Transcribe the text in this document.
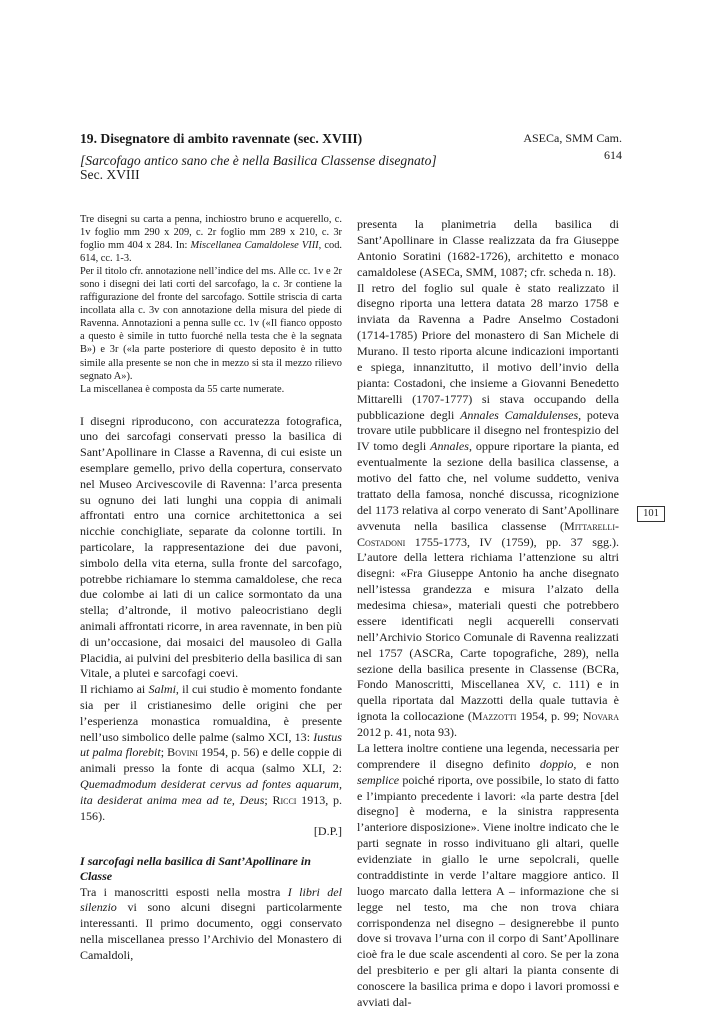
19. Disegnatore di ambito ravennate (sec. XVIII)	ASECa, SMM Cam. 614
[Sarcofago antico sano che è nella Basilica Classense disegnato]
Sec. XVIII

Tre disegni su carta a penna, inchiostro bruno e acquerello, c. 1v foglio mm 290 x 209, c. 2r foglio mm 289 x 210, c. 3r foglio mm 404 x 284. In: Miscellanea Camaldolese VIII, cod. 614, cc. 1-3.

Per il titolo cfr. annotazione nell’indice del ms. Alle cc. 1v e 2r sono i disegni dei lati corti del sarcofago, la c. 3r contiene la raffigurazione del fronte del sarcofago. Sottile striscia di carta incollata alla c. 3v con annotazione della misura del piede di Ravenna. Annotazioni a penna sulle cc. 1v («Il fianco opposto a questo è simile in tutto fuorché nella testa che è la segnata B») e 3r («la parte posteriore di questo deposito è in tutto simile alla presente se non che in mezzo si sta il mezzo rilievo segnato A»).

La miscellanea è composta da 55 carte numerate.

I disegni riproducono, con accuratezza fotografica, uno dei sarcofagi conservati presso la basilica di Sant’Apollinare in Classe a Ravenna, di cui esiste un esemplare gemello, privo della copertura, conservato nel Museo Arcivescovile di Ravenna: l’arca presenta su ognuno dei lati lunghi una coppia di animali affrontati entro una cornice architettonica a sei nicchie conchigliate, separate da colonne tortili. In particolare, la rappresentazione dei due pavoni, simbolo della vita eterna, sulla fronte del sarcofago, potrebbe richiamare lo stemma camaldolese, che reca due colombe ai lati di un calice sormontato da una stella; d’altronde, il motivo paleocristiano degli animali affrontati ricorre, in area ravennate, in ben più di un’occasione, dai mosaici del mausoleo di Galla Placidia, ai pulvini del presbiterio della basilica di san Vitale, a plutei e sarcofagi coevi.

Il richiamo ai Salmi, il cui studio è momento fondante sia per il cristianesimo delle origini che per l’esperienza monastica romualdina, è presente nell’uso simbolico delle palme (salmo XCI, 13: Iustus ut palma florebit; Bovini 1954, p. 56) e delle coppie di animali presso la fonte di acqua (salmo XLI, 2: Quemadmodum desiderat cervus ad fontes aquarum, ita desiderat anima mea ad te, Deus; Ricci 1913, p. 156).

[D.P.]

I sarcofagi nella basilica di Sant’Apollinare in Classe

Tra i manoscritti esposti nella mostra I libri del silenzio vi sono alcuni disegni particolarmente interessanti. Il primo documento, oggi conservato nella miscellanea presso l’Archivio del Monastero di Camaldoli,

presenta la planimetria della basilica di Sant’Apollinare in Classe realizzata da fra Giuseppe Antonio Soratini (1682-1726), architetto e monaco camaldolese (ASECa, SMM, 1087; cfr. scheda n. 18).

Il retro del foglio sul quale è stato realizzato il disegno riporta una lettera datata 28 marzo 1758 e inviata da Ravenna a Padre Anselmo Costadoni (1714-1785) Priore del monastero di San Michele di Murano. Il testo riporta alcune indicazioni importanti e spiega, innanzitutto, il motivo dell’invio della pianta: Costadoni, che insieme a Giovanni Benedetto Mittarelli (1707-1777) si stava occupando della pubblicazione degli Annales Camaldulenses, poteva trovare utile pubblicare il disegno nel frontespizio del IV tomo degli Annales, oppure riportare la pianta, ed eventualmente la sezione della basilica classense, a motivo del fatto che, nel volume suddetto, veniva trattato della famosa, nonché discussa, ricognizione del 1173 relativa al corpo venerato di Sant’Apollinare avvenuta nella basilica classense (Mittarelli-Costadoni 1755-1773, IV (1759), pp. 37 sgg.). L’autore della lettera richiama l’attenzione su altri disegni: «Fra Giuseppe Antonio ha anche disegnato nell’istessa grandezza e misura l’alzato della medesima chiesa», materiali questi che potrebbero essere identificati negli acquerelli conservati nell’Archivio Storico Comunale di Ravenna realizzati nel 1757 (ASCRa, Carte topografiche, 289), nella sezione della basilica presente in Classense (BCRa, Fondo Manoscritti, Miscellanea XV, c. 111) e in quella riportata dal Mazzotti della quale tuttavia è ignota la collocazione (Mazzotti 1954, p. 99; Novara 2012 p. 41, nota 93).

La lettera inoltre contiene una legenda, necessaria per comprendere il disegno definito doppio, e non semplice poiché riporta, ove possibile, lo stato di fatto e l’impianto precedente i lavori: «la parte destra [del disegno] è moderna, e la sinistra rappresenta l’anteriore disposizione». Viene inoltre indicato che le parti segnate in rosso indivituano gli altari, quelle evidenziate in giallo le urne sepolcrali, quelle contraddistinte in verde l’altare maggiore antico. Il luogo marcato dalla lettera A – informazione che si legge nel testo, ma che non trova chiara corrispondenza nel disegno – designerebbe il punto dove si trovava l’urna con il corpo di Sant’Apollinare cioè fra le due scale ascendenti al coro. Se per la zona del presbiterio e per gli altari la pianta consente di conoscere la basilica prima e dopo i lavori promossi e avviati dal-

101
